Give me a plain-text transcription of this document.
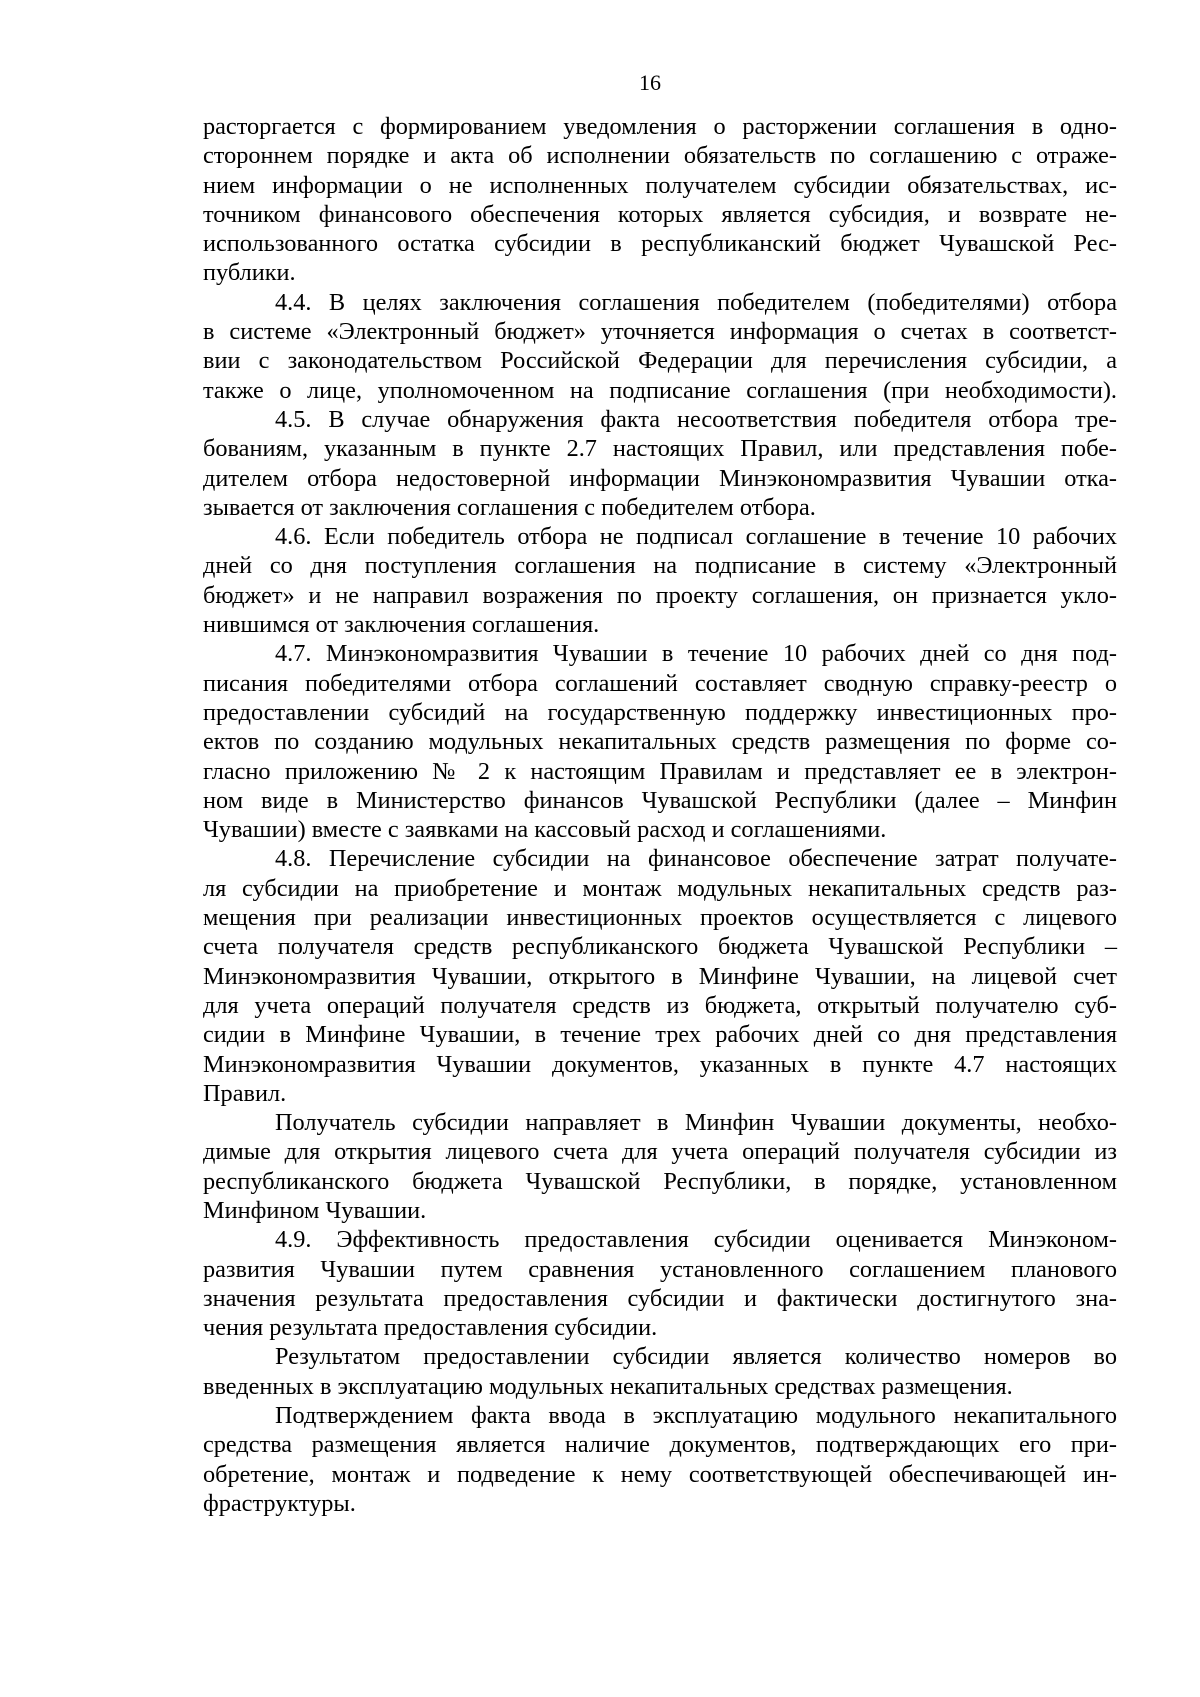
16
расторгается с формированием уведомления о расторжении соглашения в одно-
стороннем порядке и акта об исполнении обязательств по соглашению с отраже-
нием информации о не исполненных получателем субсидии обязательствах, ис-
точником финансового обеспечения которых является субсидия, и возврате не-
использованного остатка субсидии в республиканский бюджет Чувашской Рес-
публики.
4.4. В целях заключения соглашения победителем (победителями) отбора
в системе «Электронный бюджет» уточняется информация о счетах в соответст-
вии с законодательством Российской Федерации для перечисления субсидии, а
также о лице, уполномоченном на подписание соглашения (при необходимости).
4.5. В случае обнаружения факта несоответствия победителя отбора тре-
бованиям, указанным в пункте 2.7 настоящих Правил, или представления побе-
дителем отбора недостоверной информации Минэкономразвития Чувашии отка-
зывается от заключения соглашения с победителем отбора.
4.6. Если победитель отбора не подписал соглашение в течение 10 рабочих
дней со дня поступления соглашения на подписание в систему «Электронный
бюджет» и не направил возражения по проекту соглашения, он признается укло-
нившимся от заключения соглашения.
4.7. Минэкономразвития Чувашии в течение 10 рабочих дней со дня под-
писания победителями отбора соглашений составляет сводную справку-реестр о
предоставлении субсидий на государственную поддержку инвестиционных про-
ектов по созданию модульных некапитальных средств размещения по форме со-
гласно приложению № 2 к настоящим Правилам и представляет ее в электрон-
ном виде в Министерство финансов Чувашской Республики (далее – Минфин
Чувашии) вместе с заявками на кассовый расход и соглашениями.
4.8. Перечисление субсидии на финансовое обеспечение затрат получате-
ля субсидии на приобретение и монтаж модульных некапитальных средств раз-
мещения при реализации инвестиционных проектов осуществляется с лицевого
счета получателя средств республиканского бюджета Чувашской Республики –
Минэкономразвития Чувашии, открытого в Минфине Чувашии, на лицевой счет
для учета операций получателя средств из бюджета, открытый получателю суб-
сидии в Минфине Чувашии, в течение трех рабочих дней со дня представления
Минэкономразвития Чувашии документов, указанных в пункте 4.7 настоящих
Правил.
Получатель субсидии направляет в Минфин Чувашии документы, необхо-
димые для открытия лицевого счета для учета операций получателя субсидии из
республиканского бюджета Чувашской Республики, в порядке, установленном
Минфином Чувашии.
4.9. Эффективность предоставления субсидии оценивается Минэконом-
развития Чувашии путем сравнения установленного соглашением планового
значения результата предоставления субсидии и фактически достигнутого зна-
чения результата предоставления субсидии.
Результатом предоставлении субсидии является количество номеров во
введенных в эксплуатацию модульных некапитальных средствах размещения.
Подтверждением факта ввода в эксплуатацию модульного некапитального
средства размещения является наличие документов, подтверждающих его при-
обретение, монтаж и подведение к нему соответствующей обеспечивающей ин-
фраструктуры.
